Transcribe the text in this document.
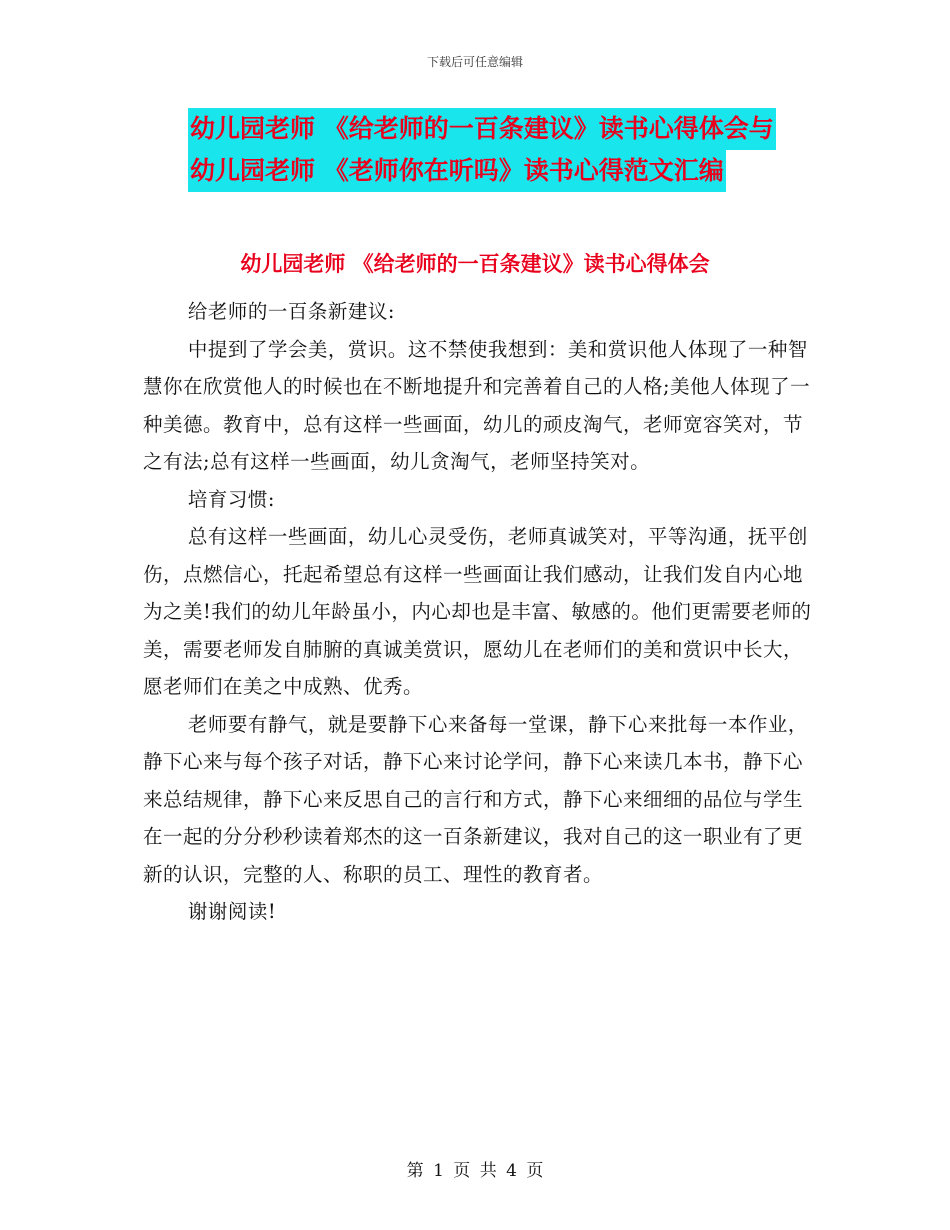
下载后可任意编辑
幼儿园老师 《给老师的一百条建议》读书心得体会与
幼儿园老师 《老师你在听吗》读书心得范文汇编
幼儿园老师 《给老师的一百条建议》读书心得体会

给老师的一百条新建议:

中提到了学会美，赏识。这不禁使我想到：美和赏识他人体现了一种智慧你在欣赏他人的时候也在不断地提升和完善着自己的人格;美他人体现了一种美德。教育中，总有这样一些画面，幼儿的顽皮淘气，老师宽容笑对，节之有法;总有这样一些画面，幼儿贪淘气，老师坚持笑对。

培育习惯:

总有这样一些画面，幼儿心灵受伤，老师真诚笑对，平等沟通，抚平创伤，点燃信心，托起希望总有这样一些画面让我们感动，让我们发自内心地为之美!我们的幼儿年龄虽小，内心却也是丰富、敏感的。他们更需要老师的美，需要老师发自肺腑的真诚美赏识，愿幼儿在老师们的美和赏识中长大，愿老师们在美之中成熟、优秀。

老师要有静气，就是要静下心来备每一堂课，静下心来批每一本作业，静下心来与每个孩子对话，静下心来讨论学问，静下心来读几本书，静下心来总结规律，静下心来反思自己的言行和方式，静下心来细细的品位与学生在一起的分分秒秒读着郑杰的这一百条新建议，我对自己的这一职业有了更新的认识，完整的人、称职的员工、理性的教育者。

谢谢阅读!

第 1 页 共 4 页
